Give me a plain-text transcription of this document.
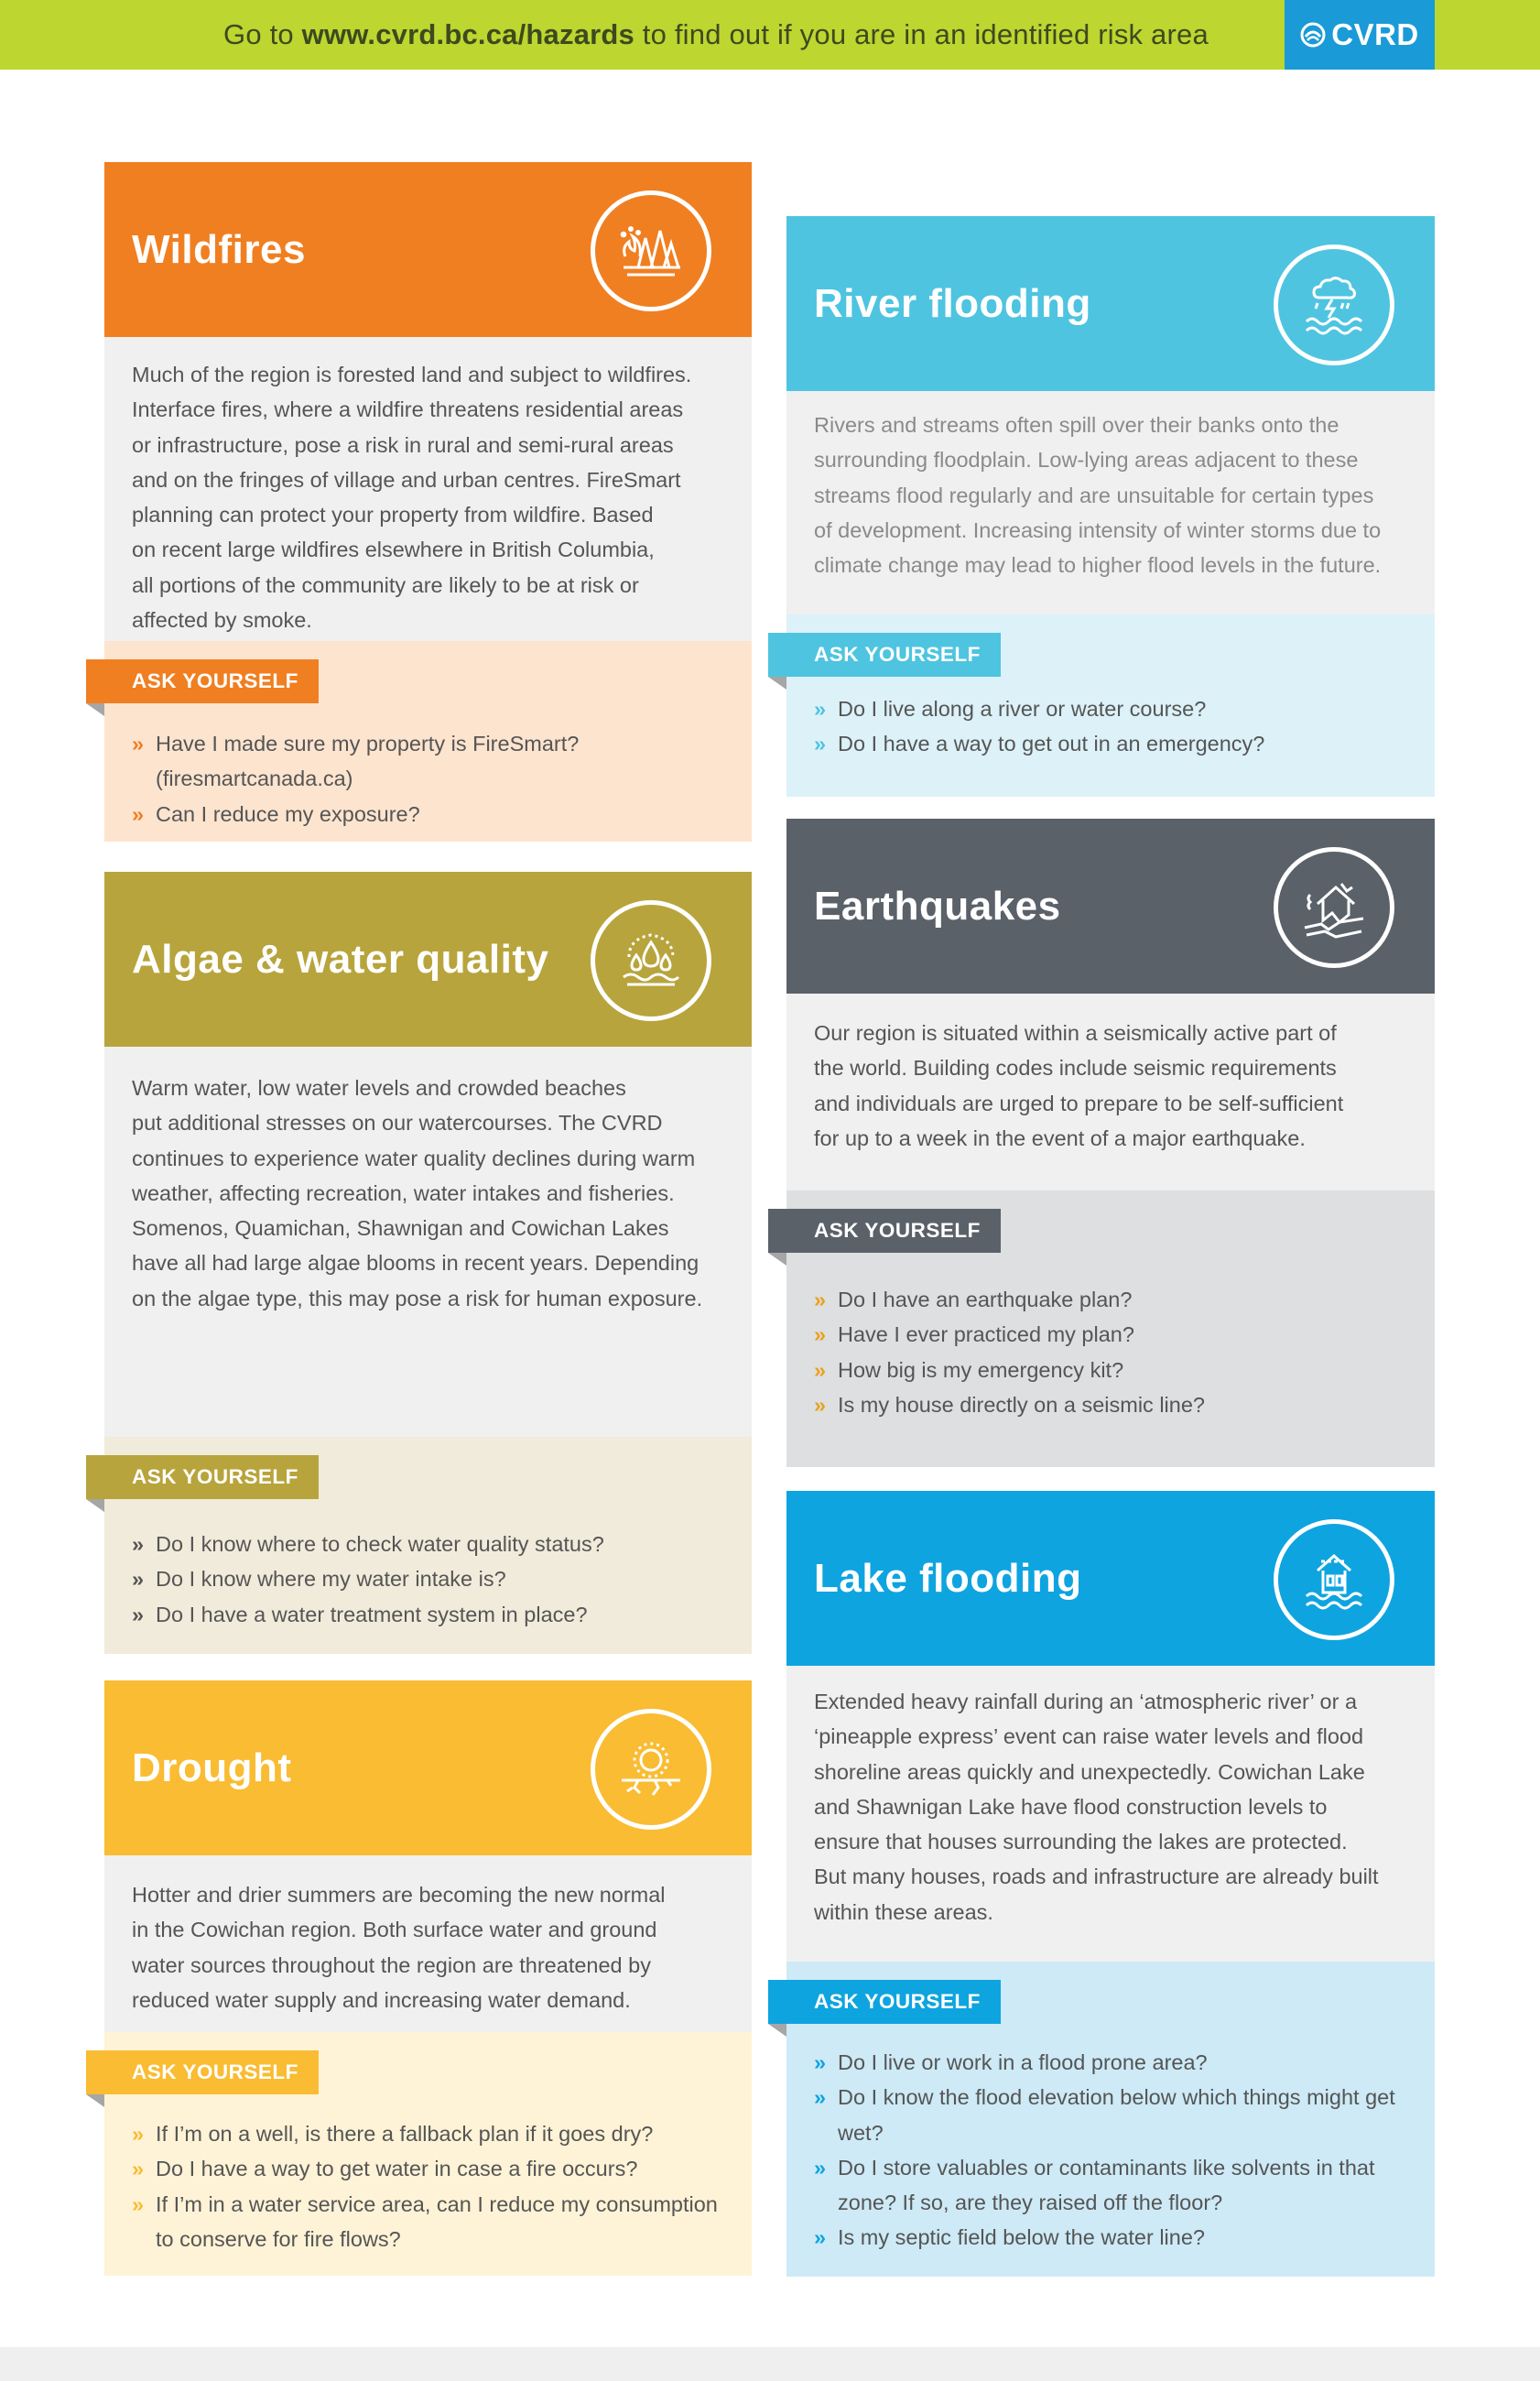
Go to www.cvrd.bc.ca/hazards to find out if you are in an identified risk area	CVRD
Wildfires
Much of the region is forested land and subject to wildfires.
Interface fires, where a wildfire threatens residential areas
or infrastructure, pose a risk in rural and semi-rural areas
and on the fringes of village and urban centres. FireSmart
planning can protect your property from wildfire. Based
on recent large wildfires elsewhere in British Columbia,
all portions of the community are likely to be at risk or
affected by smoke.
ASK YOURSELF
» Have I made sure my property is FireSmart?
(firesmartcanada.ca)
» Can I reduce my exposure?
River flooding
Rivers and streams often spill over their banks onto the
surrounding floodplain. Low-lying areas adjacent to these
streams flood regularly and are unsuitable for certain types
of development. Increasing intensity of winter storms due to
climate change may lead to higher flood levels in the future.
ASK YOURSELF
» Do I live along a river or water course?
» Do I have a way to get out in an emergency?
Algae & water quality
Warm water, low water levels and crowded beaches
put additional stresses on our watercourses. The CVRD
continues to experience water quality declines during warm
weather, affecting recreation, water intakes and fisheries.
Somenos, Quamichan, Shawnigan and Cowichan Lakes
have all had large algae blooms in recent years. Depending
on the algae type, this may pose a risk for human exposure.
ASK YOURSELF
» Do I know where to check water quality status?
» Do I know where my water intake is?
» Do I have a water treatment system in place?
Earthquakes
Our region is situated within a seismically active part of
the world. Building codes include seismic requirements
and individuals are urged to prepare to be self-sufficient
for up to a week in the event of a major earthquake.
ASK YOURSELF
» Do I have an earthquake plan?
» Have I ever practiced my plan?
» How big is my emergency kit?
» Is my house directly on a seismic line?
Drought
Hotter and drier summers are becoming the new normal
in the Cowichan region. Both surface water and ground
water sources throughout the region are threatened by
reduced water supply and increasing water demand.
ASK YOURSELF
» If I’m on a well, is there a fallback plan if it goes dry?
» Do I have a way to get water in case a fire occurs?
» If I’m in a water service area, can I reduce my consumption to conserve for fire flows?
Lake flooding
Extended heavy rainfall during an ‘atmospheric river’ or a
‘pineapple express’ event can raise water levels and flood
shoreline areas quickly and unexpectedly. Cowichan Lake
and Shawnigan Lake have flood construction levels to
ensure that houses surrounding the lakes are protected.
But many houses, roads and infrastructure are already built
within these areas.
ASK YOURSELF
» Do I live or work in a flood prone area?
» Do I know the flood elevation below which things might get wet?
» Do I store valuables or contaminants like solvents in that zone? If so, are they raised off the floor?
» Is my septic field below the water line?
